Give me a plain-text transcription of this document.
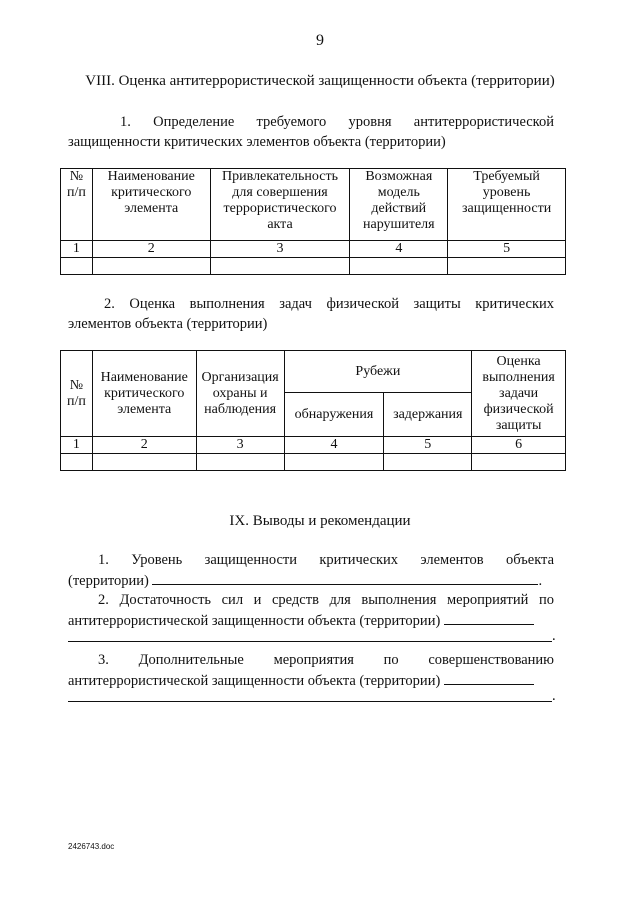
9
VIII. Оценка антитеррористической защищенности объекта (территории)
1. Определение требуемого уровня антитеррористической
защищенности критических элементов объекта (территории)
№ п/п	Наименование критического элемента	Привлекательность для совершения террористического акта	Возможная модель действий нарушителя	Требуемый уровень защищенности
1	2	3	4	5

2. Оценка выполнения задач физической защиты критических
элементов объекта (территории)
№ п/п	Наименование критического элемента	Организация охраны и наблюдения	Рубежи		Оценка выполнения задачи физической защиты
			обнаружения	задержания	
1	2	3	4	5	6

IX. Выводы и рекомендации
1. Уровень защищенности критических элементов объекта
(территории)	.
2. Достаточность сил и средств для выполнения мероприятий по
антитеррористической защищенности объекта (территории)
.
3. Дополнительные мероприятия по совершенствованию
антитеррористической защищенности объекта (территории)
.
2426743.doc
